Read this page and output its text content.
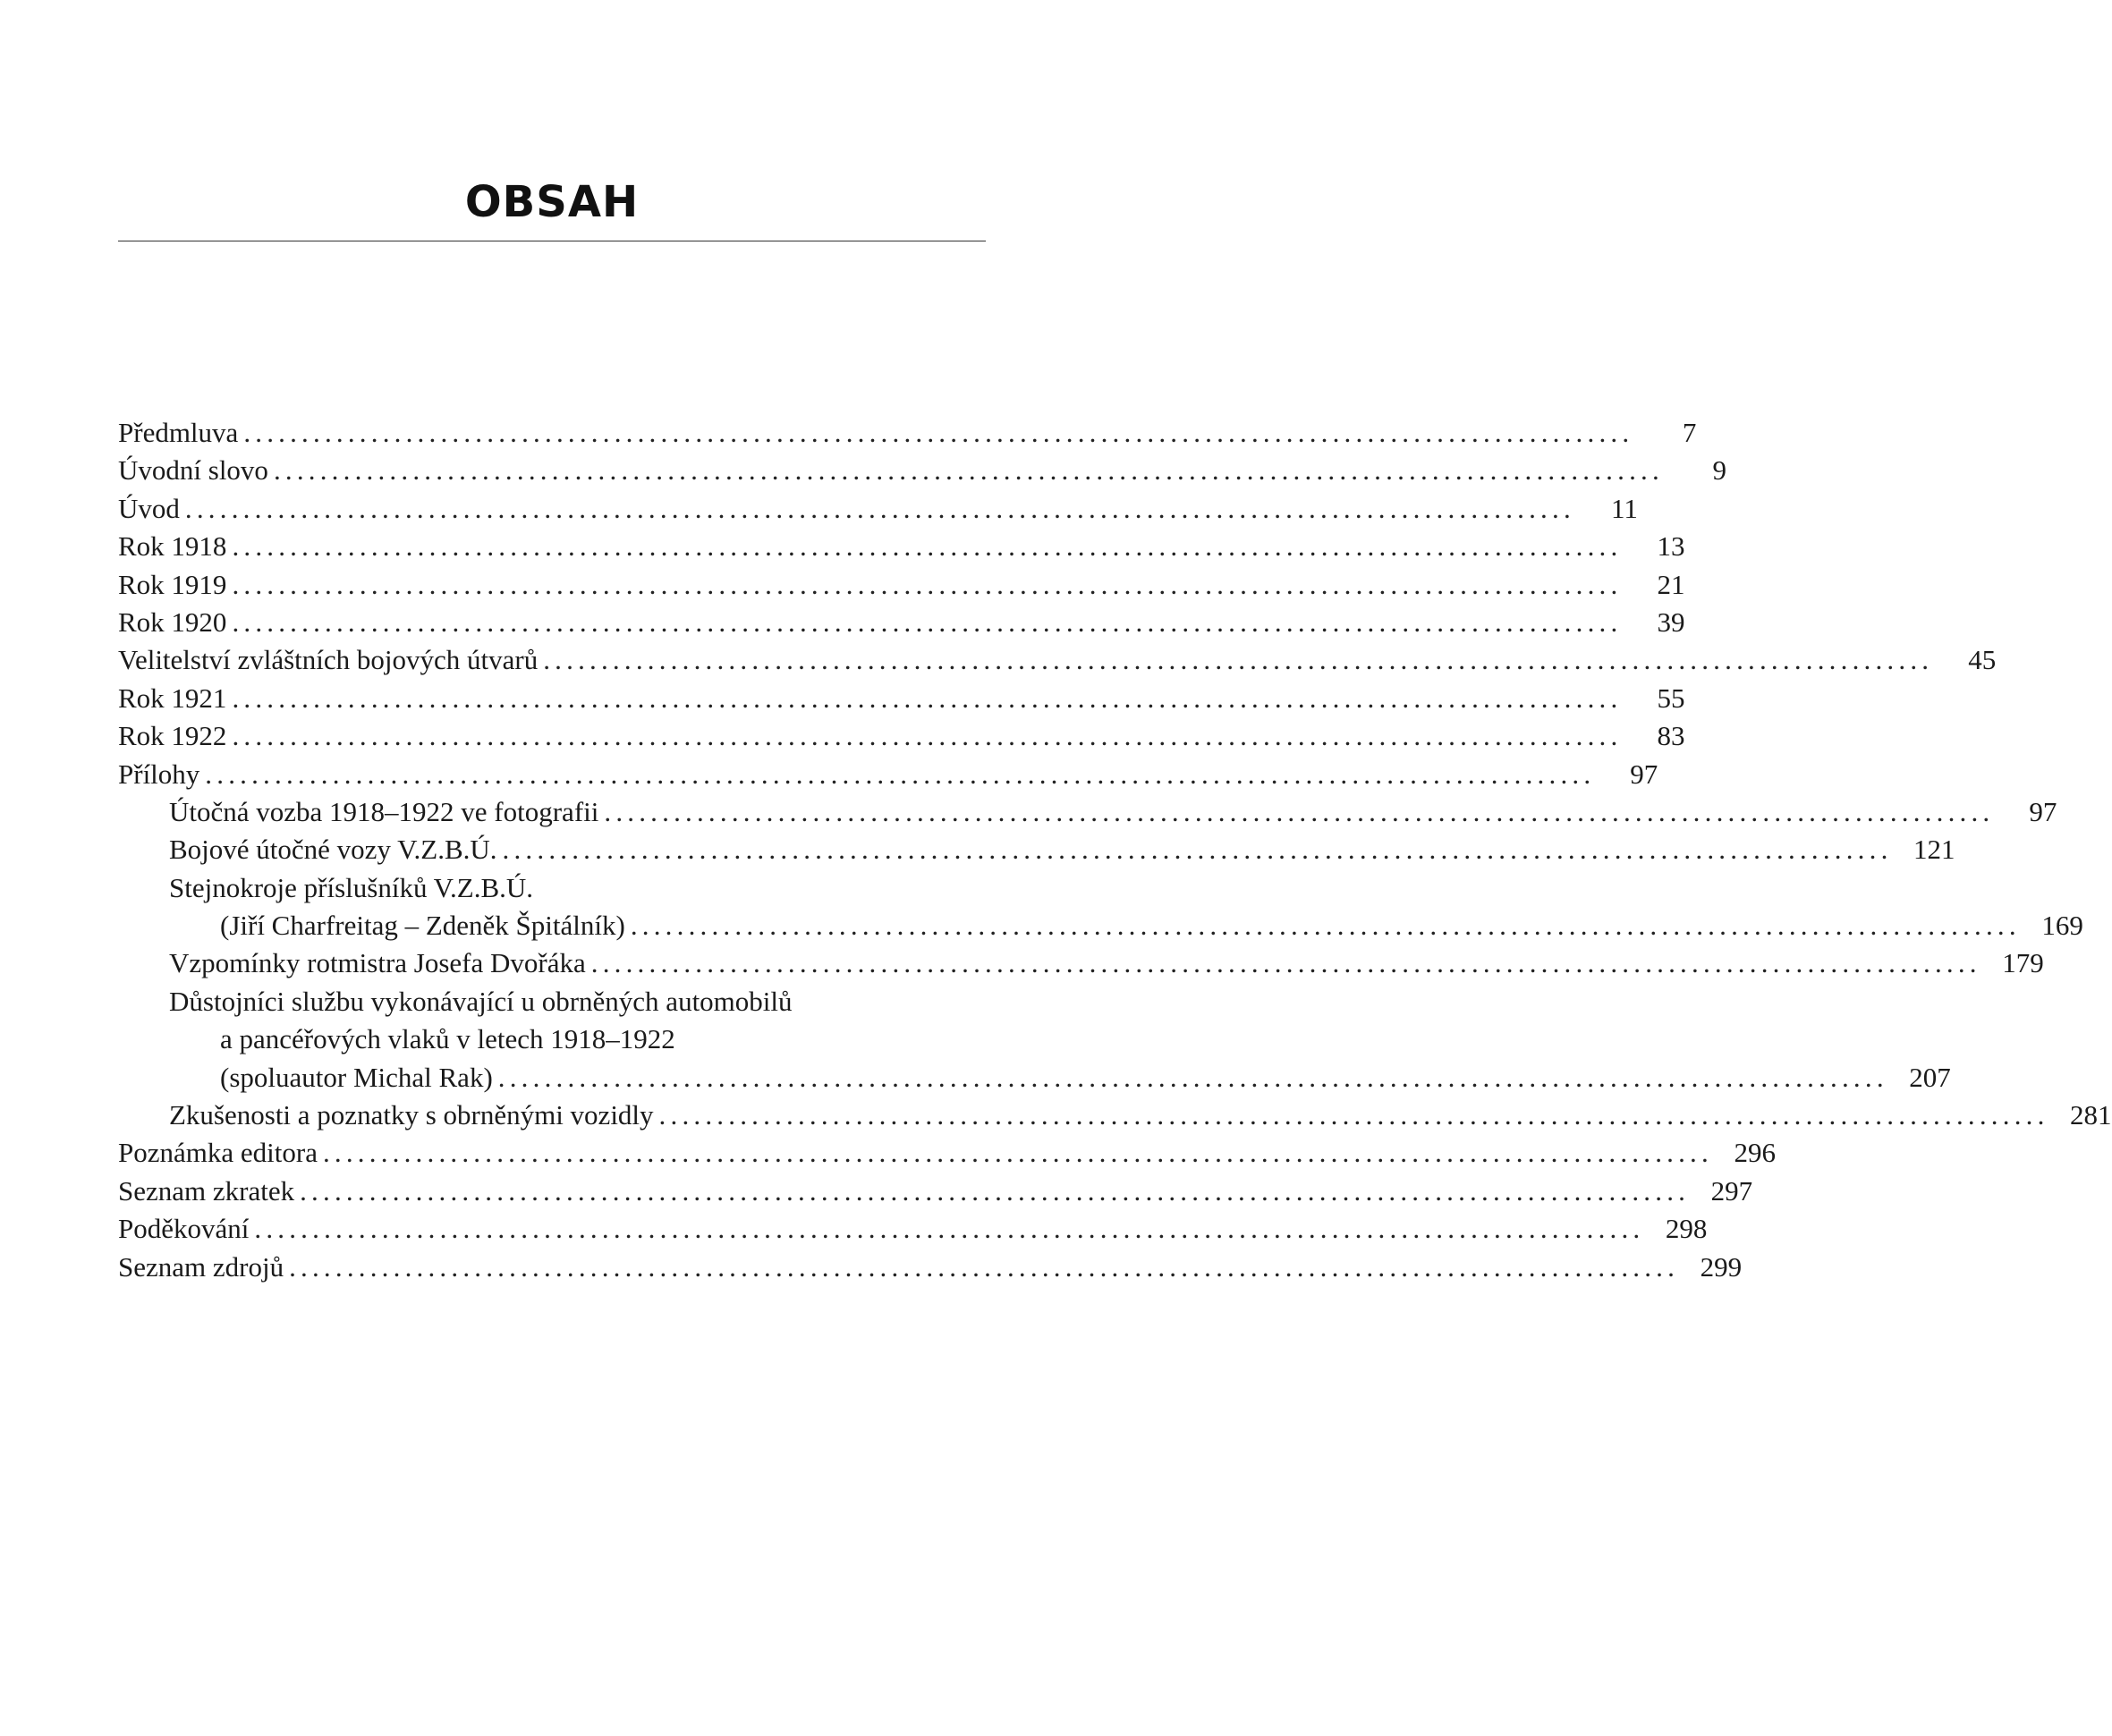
OBSAH
Předmluva ........................................................................................................................	7
Úvodní slovo ........................................................................................................................	9
Úvod ........................................................................................................................	11
Rok 1918 ........................................................................................................................	13
Rok 1919 ........................................................................................................................	21
Rok 1920 ........................................................................................................................	39
Velitelství zvláštních bojových útvarů ........................................................................................................................	45
Rok 1921 ........................................................................................................................	55
Rok 1922 ........................................................................................................................	83
Přílohy ........................................................................................................................	97
Útočná vozba 1918–1922 ve fotografii ........................................................................................................................	97
Bojové útočné vozy V.Z.B.Ú. ........................................................................................................................ 121
Stejnokroje příslušníků V.Z.B.Ú.
(Jiří Charfreitag – Zdeněk Špitálník) ........................................................................................................................ 169
Vzpomínky rotmistra Josefa Dvořáka ........................................................................................................................ 179
Důstojníci službu vykonávající u obrněných automobilů
a pancéřových vlaků v letech 1918–1922
(spoluautor Michal Rak) ........................................................................................................................ 207
Zkušenosti a poznatky s obrněnými vozidly ........................................................................................................................ 281
Poznámka editora ........................................................................................................................ 296
Seznam zkratek ........................................................................................................................ 297
Poděkování ........................................................................................................................ 298
Seznam zdrojů ........................................................................................................................ 299
